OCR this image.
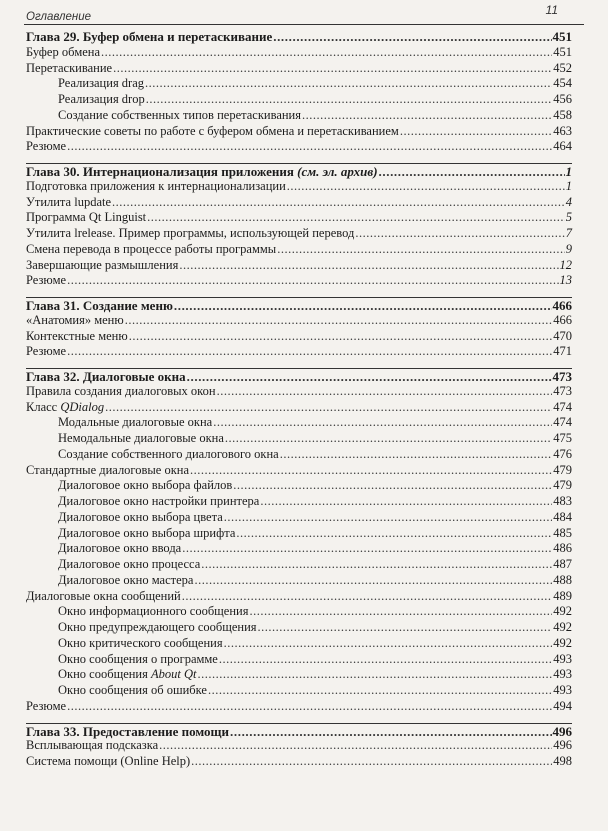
Оглавление	11
Глава 29. Буфер обмена и перетаскивание .....	451
Буфер обмена .....	451
Перетаскивание .....	452
Реализация drag .....	454
Реализация drop .....	456
Создание собственных типов перетаскивания .....	458
Практические советы по работе с буфером обмена и перетаскиванием .....	463
Резюме .....	464
Глава 30. Интернационализация приложения (см. эл. архив) .....	1
Подготовка приложения к интернационализации .....	1
Утилита lupdate .....	4
Программа Qt Linguist .....	5
Утилита lrelease. Пример программы, использующей перевод .....	7
Смена перевода в процессе работы программы .....	9
Завершающие размышления .....	12
Резюме .....	13
Глава 31. Создание меню .....	466
«Анатомия» меню .....	466
Контекстные меню .....	470
Резюме .....	471
Глава 32. Диалоговые окна .....	473
Правила создания диалоговых окон .....	473
Класс QDialog .....	474
Модальные диалоговые окна .....	474
Немодальные диалоговые окна .....	475
Создание собственного диалогового окна .....	476
Стандартные диалоговые окна .....	479
Диалоговое окно выбора файлов .....	479
Диалоговое окно настройки принтера .....	483
Диалоговое окно выбора цвета .....	484
Диалоговое окно выбора шрифта .....	485
Диалоговое окно ввода .....	486
Диалоговое окно процесса .....	487
Диалоговое окно мастера .....	488
Диалоговые окна сообщений .....	489
Окно информационного сообщения .....	492
Окно предупреждающего сообщения .....	492
Окно критического сообщения .....	492
Окно сообщения о программе .....	493
Окно сообщения About Qt .....	493
Окно сообщения об ошибке .....	493
Резюме .....	494
Глава 33. Предоставление помощи .....	496
Всплывающая подсказка .....	496
Система помощи (Online Help) .....	498
